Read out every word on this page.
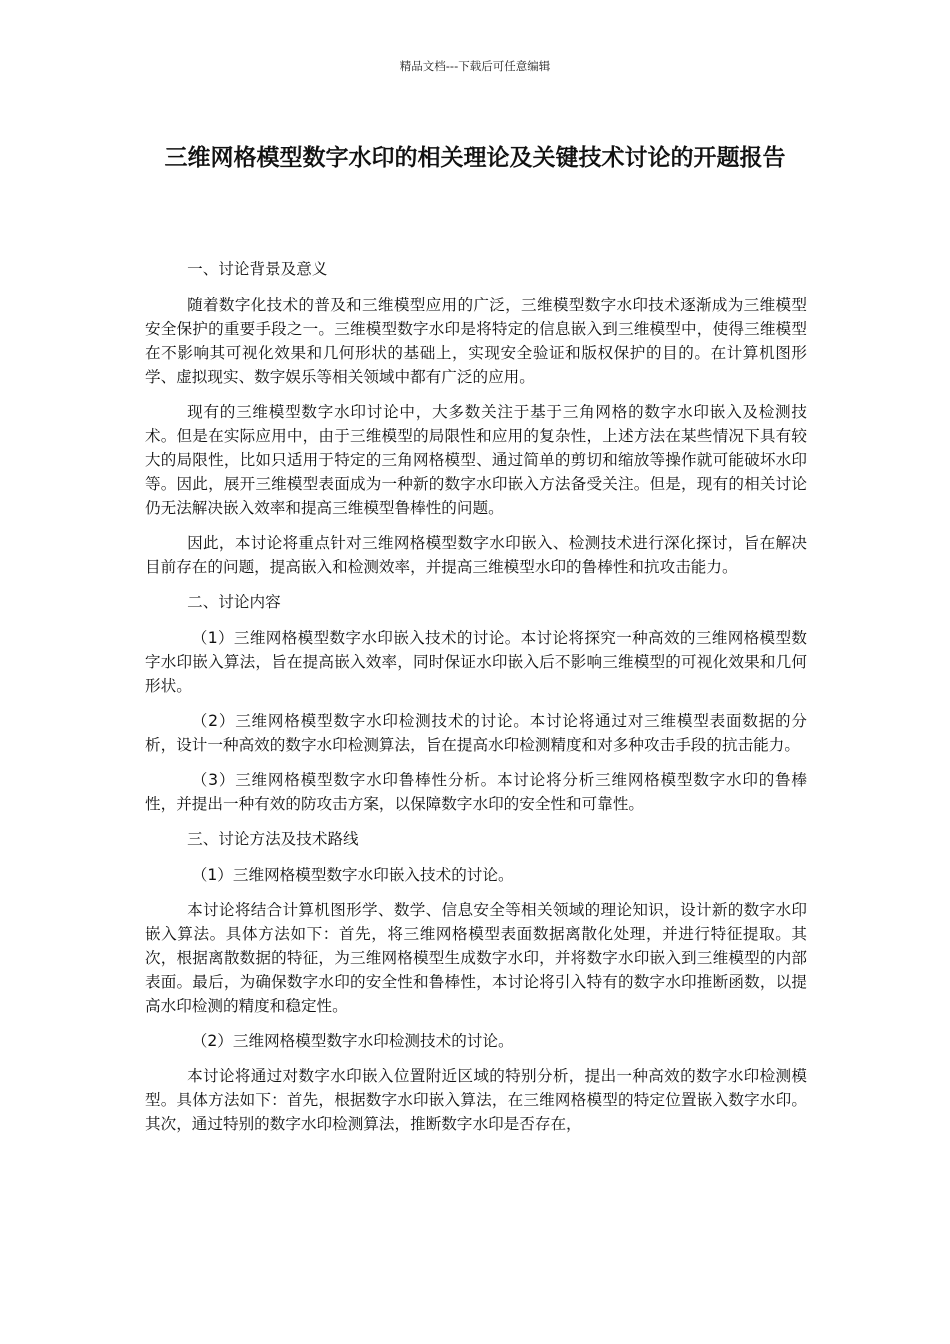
精品文档---下载后可任意编辑
三维网格模型数字水印的相关理论及关键技术讨论的开题报告

一、讨论背景及意义

随着数字化技术的普及和三维模型应用的广泛，三维模型数字水印技术逐渐成为三维模型安全保护的重要手段之一。三维模型数字水印是将特定的信息嵌入到三维模型中，使得三维模型在不影响其可视化效果和几何形状的基础上，实现安全验证和版权保护的目的。在计算机图形学、虚拟现实、数字娱乐等相关领域中都有广泛的应用。

现有的三维模型数字水印讨论中，大多数关注于基于三角网格的数字水印嵌入及检测技术。但是在实际应用中，由于三维模型的局限性和应用的复杂性，上述方法在某些情况下具有较大的局限性，比如只适用于特定的三角网格模型、通过简单的剪切和缩放等操作就可能破坏水印等。因此，展开三维模型表面成为一种新的数字水印嵌入方法备受关注。但是，现有的相关讨论仍无法解决嵌入效率和提高三维模型鲁棒性的问题。

因此，本讨论将重点针对三维网格模型数字水印嵌入、检测技术进行深化探讨，旨在解决目前存在的问题，提高嵌入和检测效率，并提高三维模型水印的鲁棒性和抗攻击能力。

二、讨论内容

（1）三维网格模型数字水印嵌入技术的讨论。本讨论将探究一种高效的三维网格模型数字水印嵌入算法，旨在提高嵌入效率，同时保证水印嵌入后不影响三维模型的可视化效果和几何形状。

（2）三维网格模型数字水印检测技术的讨论。本讨论将通过对三维模型表面数据的分析，设计一种高效的数字水印检测算法，旨在提高水印检测精度和对多种攻击手段的抗击能力。

（3）三维网格模型数字水印鲁棒性分析。本讨论将分析三维网格模型数字水印的鲁棒性，并提出一种有效的防攻击方案，以保障数字水印的安全性和可靠性。

三、讨论方法及技术路线

（1）三维网格模型数字水印嵌入技术的讨论。

本讨论将结合计算机图形学、数学、信息安全等相关领域的理论知识，设计新的数字水印嵌入算法。具体方法如下：首先，将三维网格模型表面数据离散化处理，并进行特征提取。其次，根据离散数据的特征，为三维网格模型生成数字水印，并将数字水印嵌入到三维模型的内部表面。最后，为确保数字水印的安全性和鲁棒性，本讨论将引入特有的数字水印推断函数，以提高水印检测的精度和稳定性。

（2）三维网格模型数字水印检测技术的讨论。

本讨论将通过对数字水印嵌入位置附近区域的特别分析，提出一种高效的数字水印检测模型。具体方法如下：首先，根据数字水印嵌入算法，在三维网格模型的特定位置嵌入数字水印。其次，通过特别的数字水印检测算法，推断数字水印是否存在，
